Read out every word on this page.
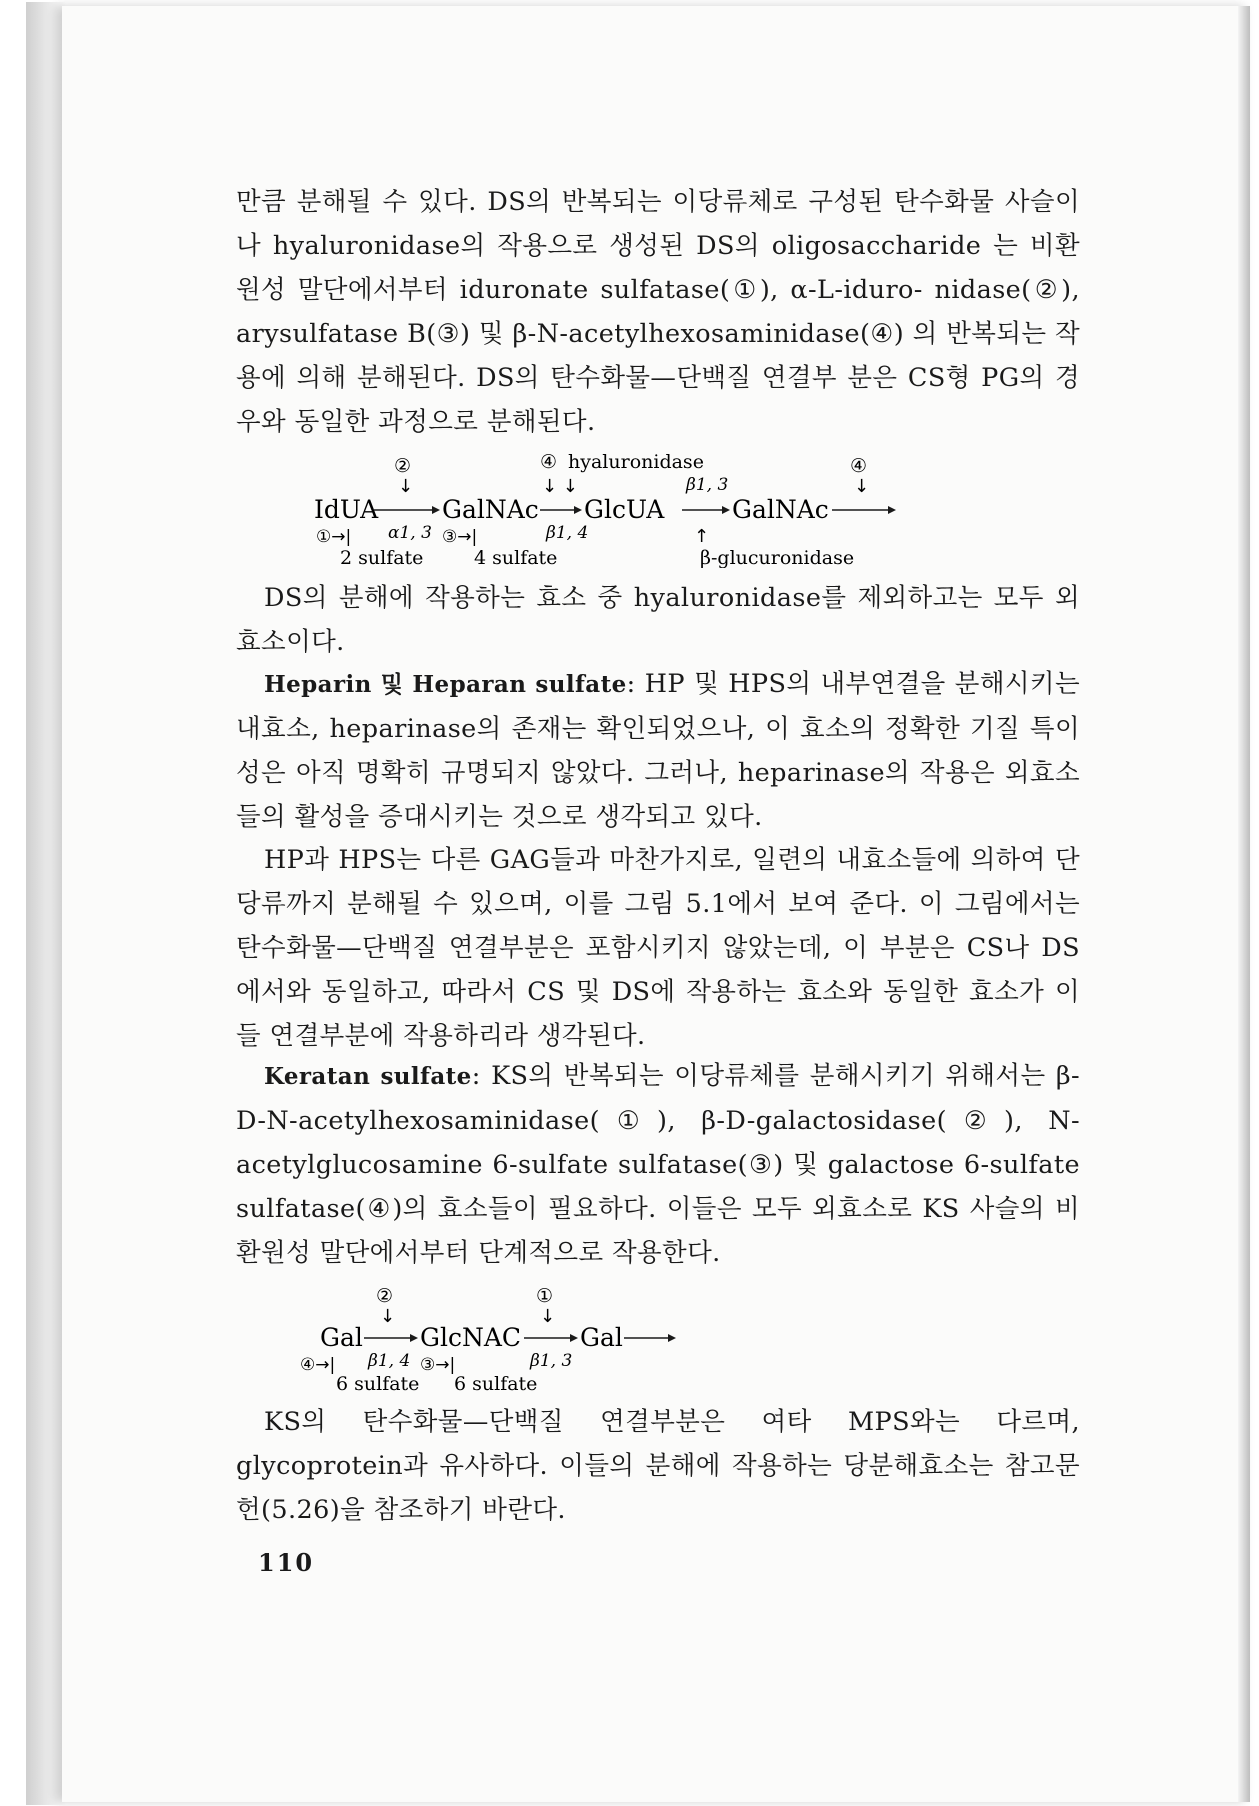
만큼 분해될 수 있다. DS의 반복되는 이당류체로 구성된 탄수화물 사슬이나 hyaluronidase의 작용으로 생성된 DS의 oligosaccharide 는 비환원성 말단에서부터 iduronate sulfatase(①), α-L-iduro- nidase(②), arysulfatase B(③) 및 β-N-acetylhexosaminidase(④) 의 반복되는 작용에 의해 분해된다. DS의 탄수화물—단백질 연결부 분은 CS형 PG의 경우와 동일한 과정으로 분해된다.

②
↓
④ hyaluronidase
↓ ↓
④
↓
β1, 3
IdUA	GalNAc GlcUA	GalNAc
①→| α1, 3 ③→|	β1, 4	↑
2 sulfate	4 sulfate	β-glucuronidase

DS의 분해에 작용하는 효소 중 hyaluronidase를 제외하고는 모두 외효소이다.

Heparin 및 Heparan sulfate: HP 및 HPS의 내부연결을 분해시키는 내효소, heparinase의 존재는 확인되었으나, 이 효소의 정확한 기질 특이성은 아직 명확히 규명되지 않았다. 그러나, heparinase의 작용은 외효소들의 활성을 증대시키는 것으로 생각되고 있다.

HP과 HPS는 다른 GAG들과 마찬가지로, 일련의 내효소들에 의하여 단당류까지 분해될 수 있으며, 이를 그림 5.1에서 보여 준다. 이 그림에서는 탄수화물—단백질 연결부분은 포함시키지 않았는데, 이 부분은 CS나 DS에서와 동일하고, 따라서 CS 및 DS에 작용하는 효소와 동일한 효소가 이들 연결부분에 작용하리라 생각된다.

Keratan sulfate: KS의 반복되는 이당류체를 분해시키기 위해서는 β-D-N-acetylhexosaminidase(①), β-D-galactosidase(②), N-acetylglucosamine 6-sulfate sulfatase(③) 및 galactose 6-sulfate sulfatase(④)의 효소들이 필요하다. 이들은 모두 외효소로 KS 사슬의 비환원성 말단에서부터 단계적으로 작용한다.

②
↓
①
↓
Gal GlcNAC Gal
④→| β1, 4 ③→|	β1, 3
6 sulfate 6 sulfate

KS의 탄수화물—단백질 연결부분은 여타 MPS와는 다르며, glycoprotein과 유사하다. 이들의 분해에 작용하는 당분해효소는 참고문헌(5.26)을 참조하기 바란다.

110
